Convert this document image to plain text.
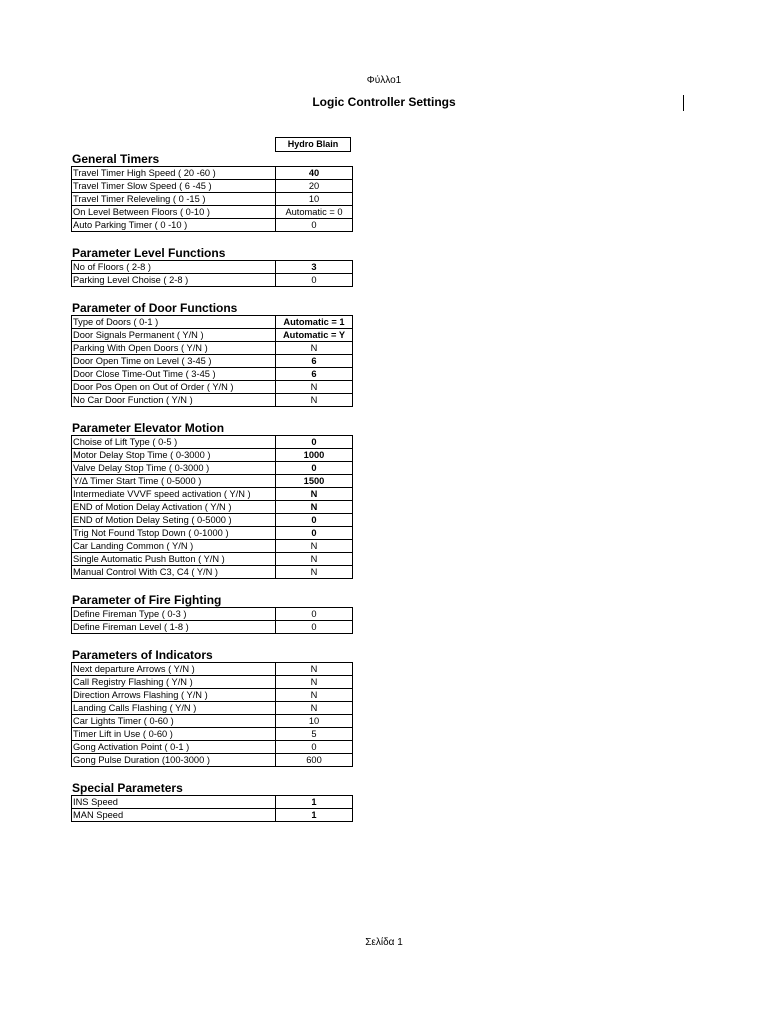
Φύλλο1
Logic Controller Settings
Hydro Blain
General Timers
Travel Timer High Speed ( 20 -60 )	40
Travel Timer Slow Speed ( 6 -45 )	20
Travel Timer Releveling ( 0 -15 )	10
On Level Between Floors ( 0-10 )	Automatic = 0
Auto Parking Timer ( 0 -10 )	0
Parameter Level Functions
No of Floors ( 2-8 )	3
Parking Level Choise ( 2-8 )	0
Parameter of Door Functions
Type of Doors ( 0-1 )	Automatic = 1
Door Signals Permanent ( Y/N )	Automatic = Y
Parking With Open Doors ( Y/N )	N
Door Open Time on Level ( 3-45 )	6
Door Close Time-Out Time ( 3-45 )	6
Door Pos Open on Out of Order ( Y/N )	N
No Car Door Function ( Y/N )	N
Parameter Elevator Motion
Choise of Lift Type ( 0-5 )	0
Motor Delay Stop Time ( 0-3000 )	1000
Valve Delay Stop Time ( 0-3000 )	0
Y/Δ Timer Start Time ( 0-5000 )	1500
Intermediate VVVF speed activation ( Y/N )	N
END of Motion Delay Activation ( Y/N )	N
END of Motion Delay Seting ( 0-5000 )	0
Trig Not Found Tstop Down ( 0-1000 )	0
Car Landing Common ( Y/N )	N
Single Automatic Push Button ( Y/N )	N
Manual Control With C3, C4 ( Y/N )	N
Parameter of Fire Fighting
Define Fireman Type ( 0-3 )	0
Define Fireman Level ( 1-8 )	0
Parameters of Indicators
Next departure Arrows ( Y/N )	N
Call Registry Flashing ( Y/N )	N
Direction Arrows Flashing ( Y/N )	N
Landing Calls Flashing ( Y/N )	N
Car Lights Timer ( 0-60 )	10
Timer Lift in Use ( 0-60 )	5
Gong Activation Point ( 0-1 )	0
Gong Pulse Duration (100-3000 )	600
Special Parameters
INS Speed	1
MAN Speed	1
Σελίδα 1
